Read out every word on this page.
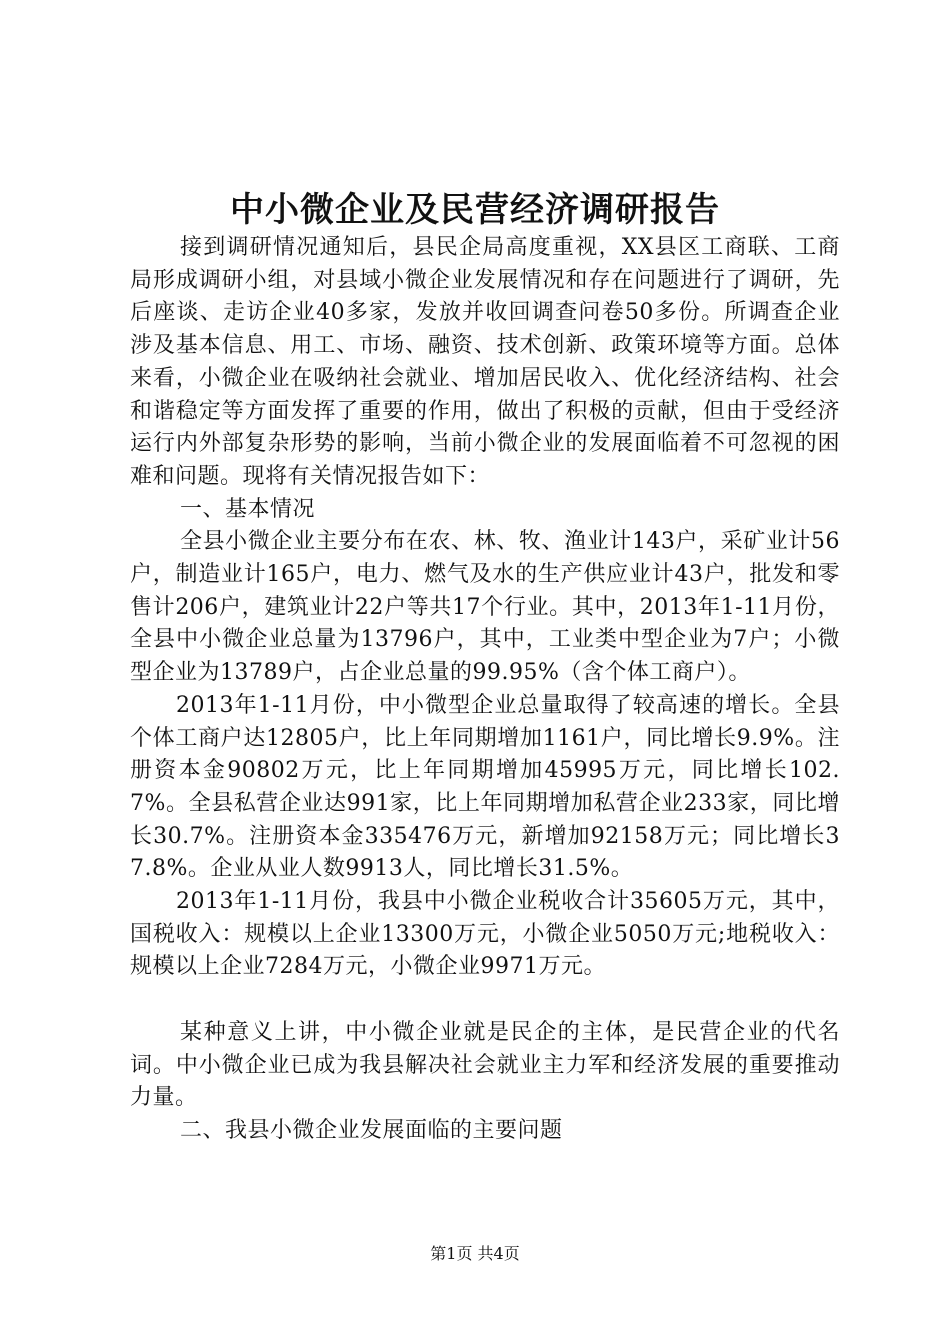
中小微企业及民营经济调研报告

接到调研情况通知后，县民企局高度重视，XX县区工商联、工商局形成调研小组，对县域小微企业发展情况和存在问题进行了调研，先后座谈、走访企业40多家，发放并收回调查问卷50多份。所调查企业涉及基本信息、用工、市场、融资、技术创新、政策环境等方面。总体来看，小微企业在吸纳社会就业、增加居民收入、优化经济结构、社会和谐稳定等方面发挥了重要的作用，做出了积极的贡献，但由于受经济运行内外部复杂形势的影响，当前小微企业的发展面临着不可忽视的困难和问题。现将有关情况报告如下：

一、基本情况

全县小微企业主要分布在农、林、牧、渔业计143户，采矿业计56户，制造业计165户，电力、燃气及水的生产供应业计43户，批发和零售计206户，建筑业计22户等共17个行业。其中，2013年1-11月份，全县中小微企业总量为13796户，其中，工业类中型企业为7户；小微型企业为13789户，占企业总量的99.95%（含个体工商户）。

2013年1-11月份，中小微型企业总量取得了较高速的增长。全县个体工商户达12805户，比上年同期增加1161户，同比增长9.9%。注册资本金90802万元，比上年同期增加45995万元，同比增长102.7%。全县私营企业达991家，比上年同期增加私营企业233家，同比增长30.7%。注册资本金335476万元，新增加92158万元；同比增长37.8%。企业从业人数9913人，同比增长31.5%。

2013年1-11月份，我县中小微企业税收合计35605万元，其中，国税收入：规模以上企业13300万元，小微企业5050万元;地税收入：规模以上企业7284万元，小微企业9971万元。

某种意义上讲，中小微企业就是民企的主体，是民营企业的代名词。中小微企业已成为我县解决社会就业主力军和经济发展的重要推动力量。

二、我县小微企业发展面临的主要问题

第1页 共4页
